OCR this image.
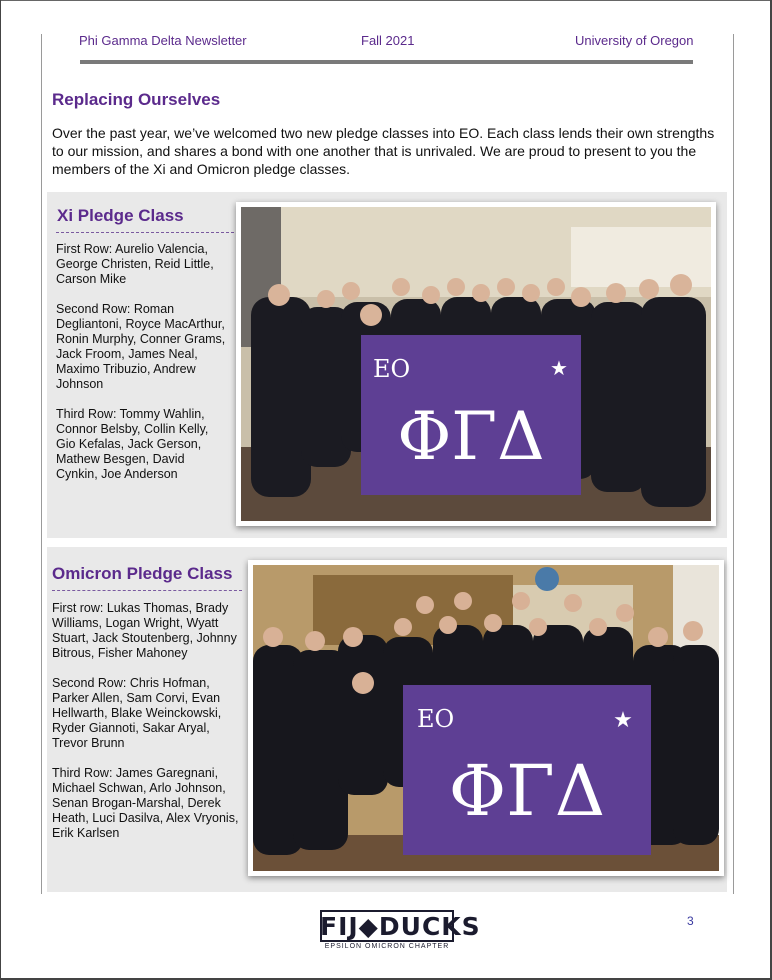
Phi Gamma Delta Newsletter	Fall 2021	University of Oregon
Replacing Ourselves
Over the past year, we’ve welcomed two new pledge classes into EO. Each class lends their own strengths to our mission, and shares a bond with one another that is unrivaled. We are proud to present to you the members of the Xi and Omicron pledge classes.
Xi Pledge Class

First Row: Aurelio Valencia, George Christen, Reid Little, Carson Mike

Second Row: Roman Degliantoni, Royce MacArthur, Ronin Murphy, Conner Grams, Jack Froom, James Neal, Maximo Tribuzio, Andrew Johnson

Third Row: Tommy Wahlin, Connor Belsby, Collin Kelly, Gio Kefalas, Jack Gerson, Mathew Besgen, David Cynkin, Joe Anderson

EO	★
ΦΓΔ
Omicron Pledge Class

First row: Lukas Thomas, Brady Williams, Logan Wright, Wyatt Stuart, Jack Stoutenberg, Johnny Bitrous, Fisher Mahoney

Second Row: Chris Hofman, Parker Allen, Sam Corvi, Evan Hellwarth, Blake Weinckowski, Ryder Giannoti, Sakar Aryal, Trevor Brunn

Third Row: James Garegnani, Michael Schwan, Arlo Johnson, Senan Brogan-Marshal, Derek Heath, Luci Dasilva, Alex Vryonis, Erik Karlsen

EO	★
ΦΓΔ
FIJ◆DUCKS
EPSILON OMICRON CHAPTER
3
